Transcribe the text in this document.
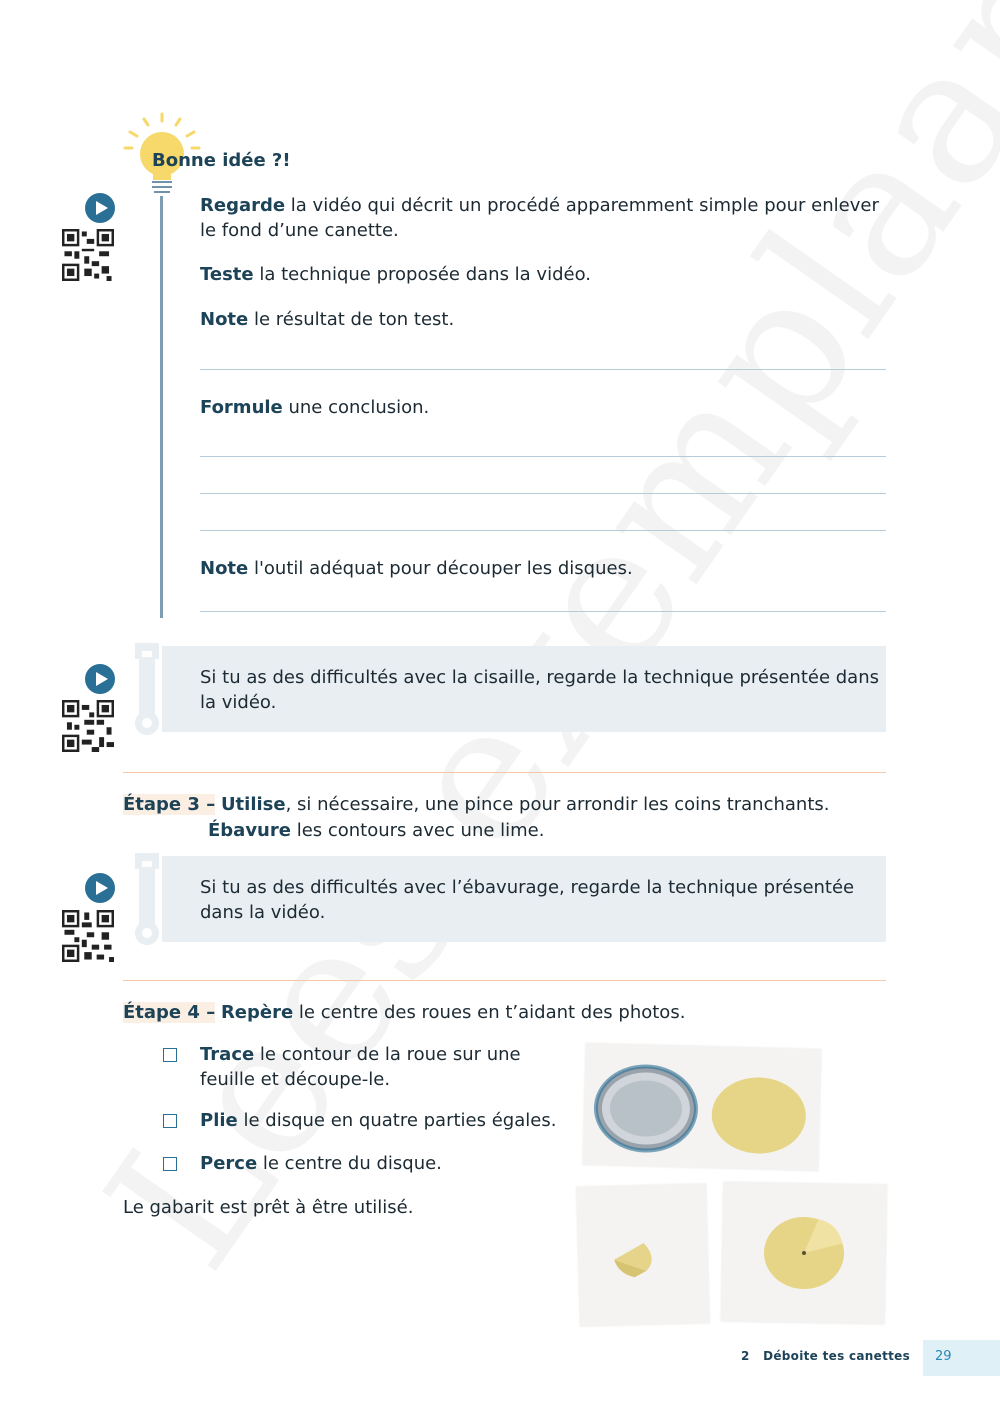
Bonne idée ?!
Regarde la vidéo qui décrit un procédé apparemment simple pour enlever le fond d’une canette.
Teste la technique proposée dans la vidéo.
Note le résultat de ton test.
Formule une conclusion.
Note l'outil adéquat pour découper les disques.
Si tu as des difficultés avec la cisaille, regarde la technique présentée dans la vidéo.
Étape 3 – Utilise, si nécessaire, une pince pour arrondir les coins tranchants.
Ébavure les contours avec une lime.
Si tu as des difficultés avec l’ébavurage, regarde la technique présentée dans la vidéo.
Étape 4 – Repère le centre des roues en t’aidant des photos.
Trace le contour de la roue sur une feuille et découpe-le.
Plie le disque en quatre parties égales.
Perce le centre du disque.
Le gabarit est prêt à être utilisé.
2 Déboite tes canettes 29
